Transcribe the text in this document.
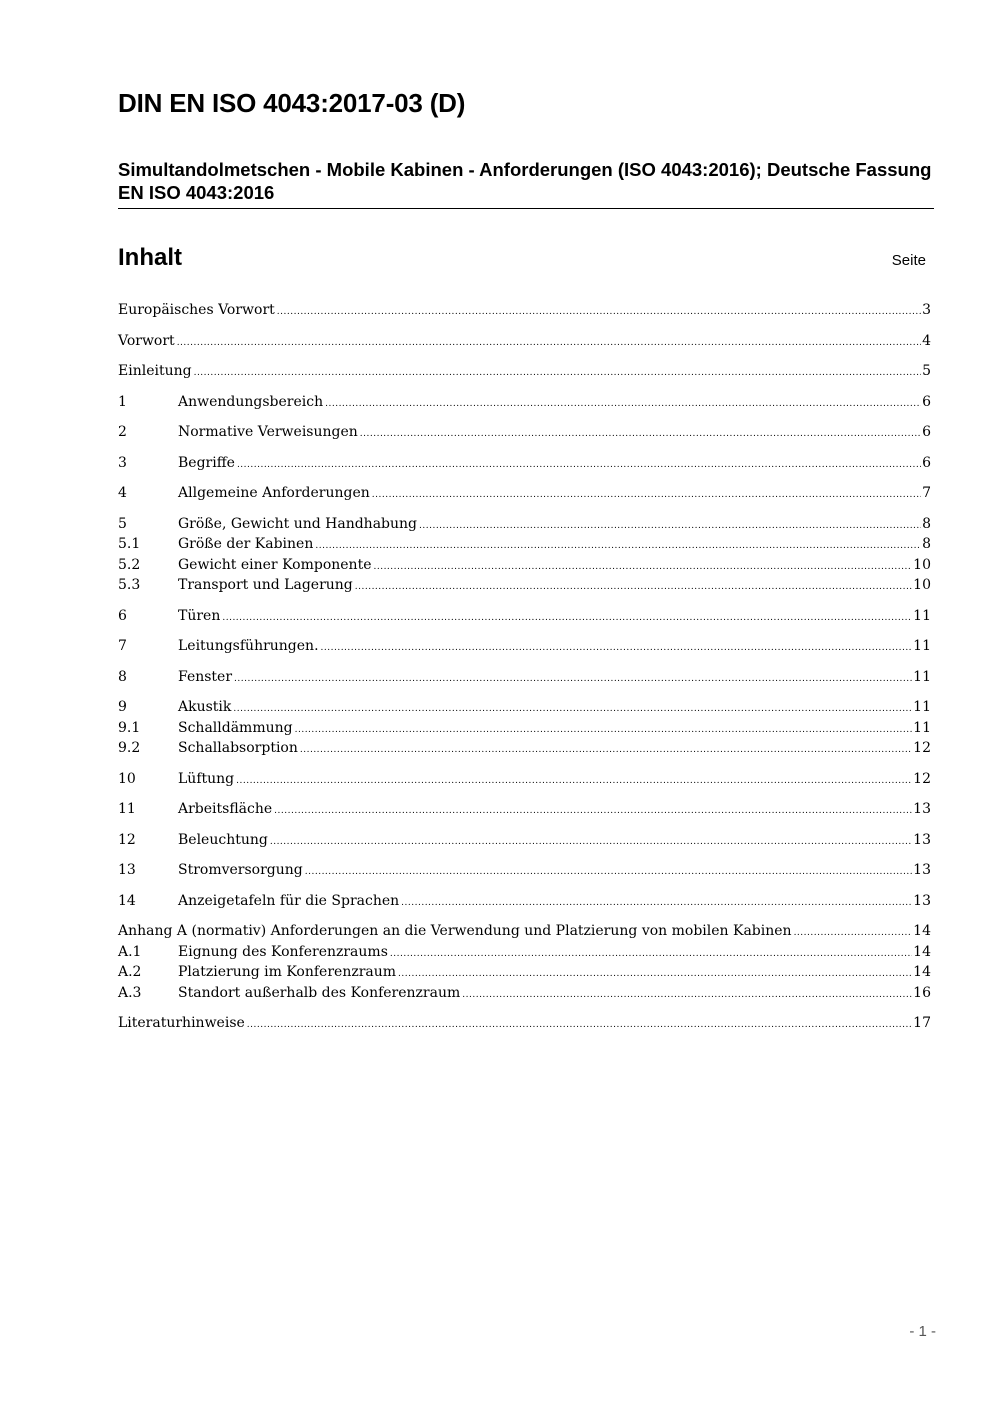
DIN EN ISO 4043:2017-03 (D)
Simultandolmetschen - Mobile Kabinen - Anforderungen (ISO 4043:2016); Deutsche Fassung EN ISO 4043:2016
Inhalt	Seite
Europäisches Vorwort .....	3
Vorwort .....	4
Einleitung .....	5
1	Anwendungsbereich .....	6
2	Normative Verweisungen .....	6
3	Begriffe .....	6
4	Allgemeine Anforderungen .....	7
5	Größe, Gewicht und Handhabung .....	8
5.1	Größe der Kabinen .....	8
5.2	Gewicht einer Komponente .....	10
5.3	Transport und Lagerung .....	10
6	Türen .....	11
7	Leitungsführungen. .....	11
8	Fenster .....	11
9	Akustik .....	11
9.1	Schalldämmung .....	11
9.2	Schallabsorption .....	12
10	Lüftung .....	12
11	Arbeitsfläche .....	13
12	Beleuchtung .....	13
13	Stromversorgung .....	13
14	Anzeigetafeln für die Sprachen .....	13
Anhang A (normativ) Anforderungen an die Verwendung und Platzierung von mobilen Kabinen .....	14
A.1	Eignung des Konferenzraums .....	14
A.2	Platzierung im Konferenzraum .....	14
A.3	Standort außerhalb des Konferenzraum .....	16
Literaturhinweise .....	17
- 1 -
